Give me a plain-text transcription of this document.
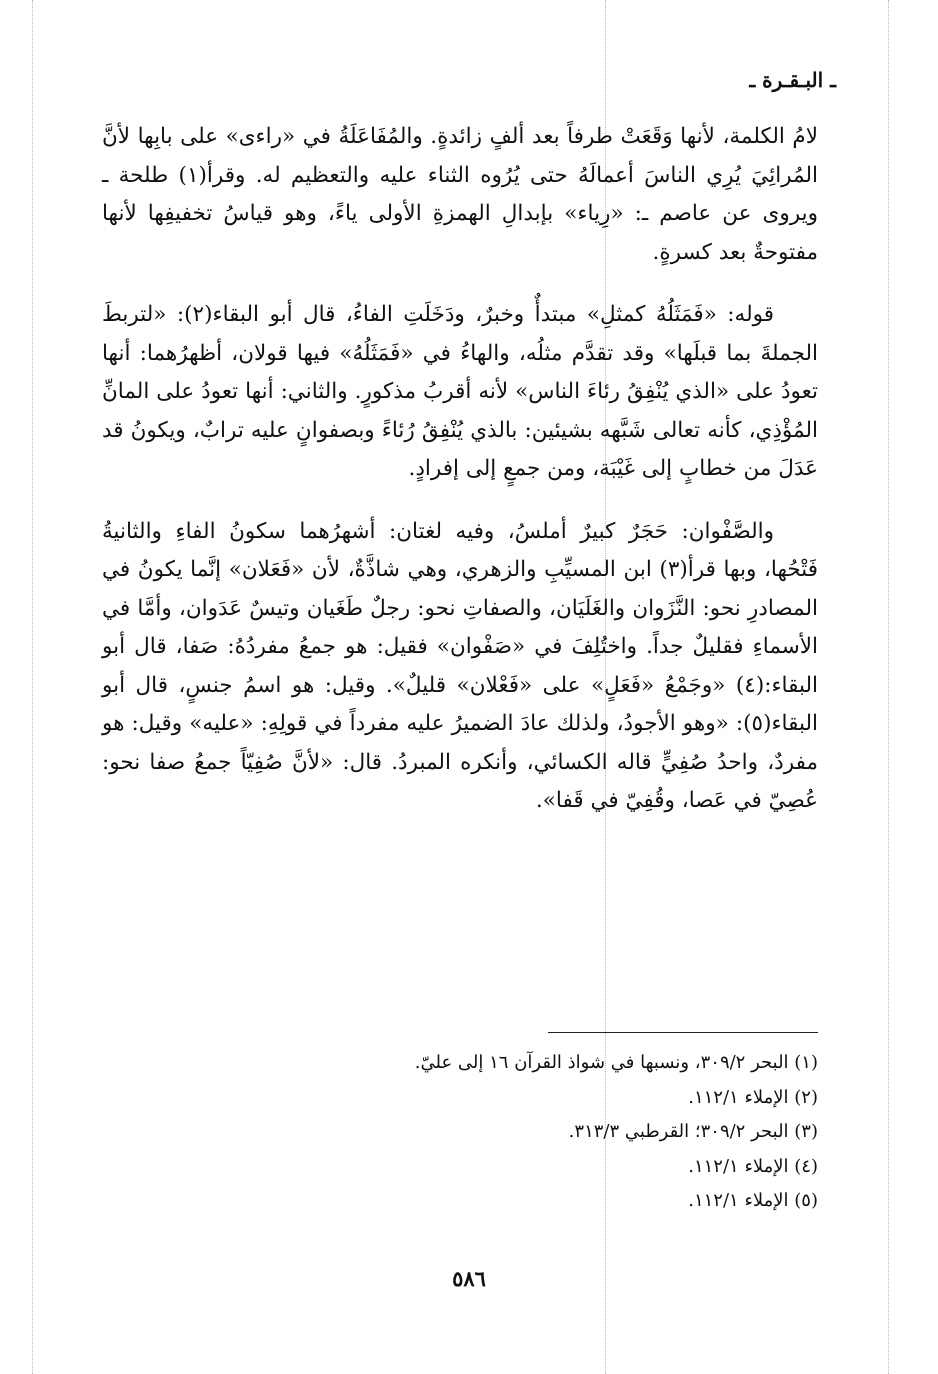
ـ البـقـرة ـ

لامُ الكلمة، لأنها وَقَعَتْ طرفاً بعد ألفٍ زائدةٍ. والمُفَاعَلَةُ في «راءى» على بابِها لأنَّ المُرائِيَ يُرِي الناسَ أعمالَهُ حتى يُرُوه الثناء عليه والتعظيم له. وقرأ(١) طلحة ـ ويروى عن عاصم ـ: «رِياء» بإبدالِ الهمزةِ الأولى ياءً، وهو قياسُ تخفيفِها لأنها مفتوحةٌ بعد كسرةٍ.

قوله: «فَمَثَلُهُ كمثلِ» مبتدأٌ وخبرٌ، ودَخَلَتِ الفاءُ، قال أبو البقاء(٢): «لتربطَ الجملةَ بما قبلَها» وقد تقدَّم مثلُه، والهاءُ في «فَمَثَلُهُ» فيها قولان، أظهرُهما: أنها تعودُ على «الذي يُنْفِقُ رئاءَ الناس» لأنه أقربُ مذكورٍ. والثاني: أنها تعودُ على المانِّ المُؤْذِي، كأنه تعالى شَبَّهه بشيئين: بالذي يُنْفِقُ رُئاءً وبصفوانٍ عليه ترابٌ، ويكونُ قد عَدَلَ من خطابٍ إلى غَيْبَة، ومن جمعٍ إلى إفرادٍ.

والصَّفْوان: حَجَرٌ كبيرٌ أملسُ، وفيه لغتان: أشهرُهما سكونُ الفاءِ والثانيةُ فَتْحُها، وبها قرأ(٣) ابن المسيِّبِ والزهري، وهي شاذَّةٌ، لأن «فَعَلان» إنَّما يكونُ في المصادرِ نحو: النَّزَوان والغَلَيَان، والصفاتِ نحو: رجلٌ طَغَيان وتيسٌ عَدَوان، وأمَّا في الأسماءِ فقليلٌ جداً. واختُلِفَ في «صَفْوان» فقيل: هو جمعُ مفردُهُ: صَفا، قال أبو البقاء:(٤) «وجَمْعُ «فَعَلٍ» على «فَعْلان» قليلٌ». وقيل: هو اسمُ جنسٍ، قال أبو البقاء(٥): «وهو الأجودُ، ولذلك عادَ الضميرُ عليه مفرداً في قولِهِ: «عليه» وقيل: هو مفردٌ، واحدُ صُفِيٍّ قاله الكسائي، وأنكره المبردُ. قال: «لأنَّ صُفِيّاً جمعُ صفا نحو: عُصِيّ في عَصا، وقُفِيّ في قَفا».

(١) البحر ٣٠٩/٢، ونسبها في شواذ القرآن ١٦ إلى عليّ.
(٢) الإملاء ١١٢/١.
(٣) البحر ٣٠٩/٢؛ القرطبي ٣١٣/٣.
(٤) الإملاء ١١٢/١.
(٥) الإملاء ١١٢/١.
٥٨٦
